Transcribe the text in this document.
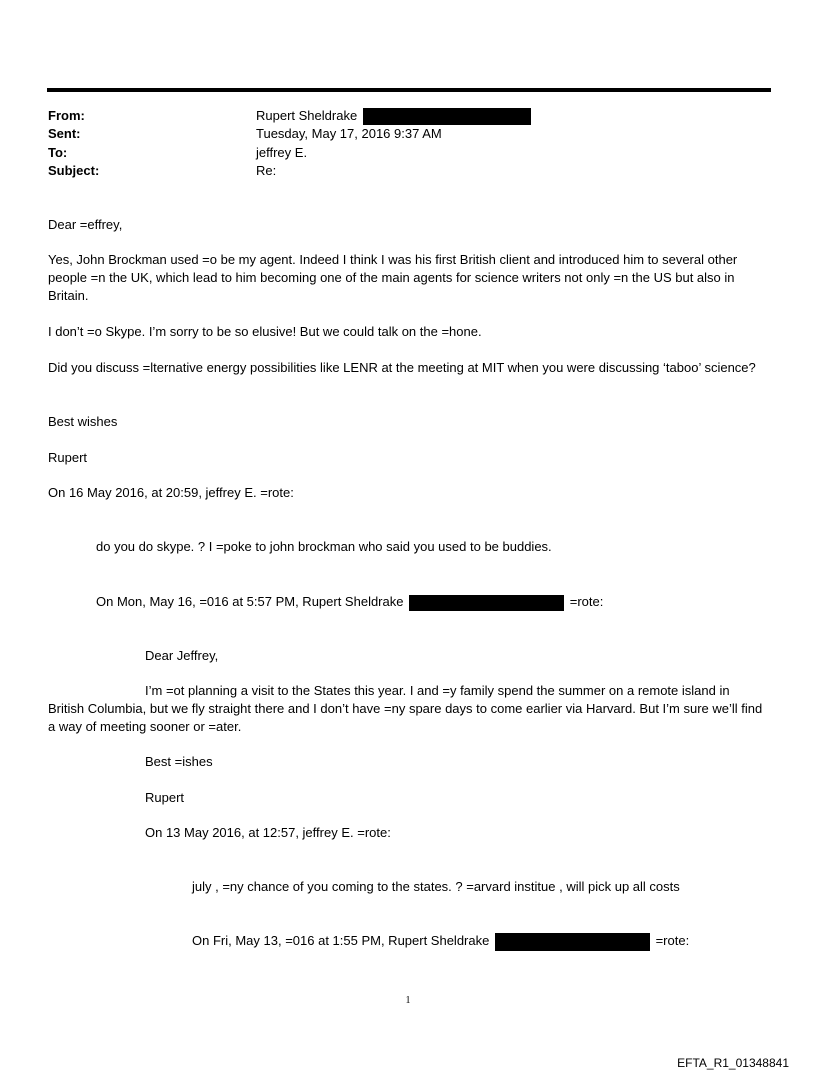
From:	Rupert Sheldrake
Sent:	Tuesday, May 17, 2016 9:37 AM
To:	jeffrey E.
Subject:	Re:
Dear =effrey,
Yes, John Brockman used =o be my agent. Indeed I think I was his first British client and introduced him to several other people =n the UK, which lead to him becoming one of the main agents for science writers not only =n the US but also in Britain.
I don’t =o Skype. I’m sorry to be so elusive! But we could talk on the =hone.
Did you discuss =lternative energy possibilities like LENR at the meeting at MIT when you were discussing ‘taboo’ science?
Best wishes
Rupert
On 16 May 2016, at 20:59, jeffrey E. =rote:
do you do skype. ? I =poke to john brockman who said you used to be buddies.
On Mon, May 16, =016 at 5:57 PM, Rupert Sheldrake	=rote:
Dear Jeffrey,
I’m =ot planning a visit to the States this year. I and =y family spend the summer on a remote island in
British Columbia, but we fly straight there and I don’t have =ny spare days to come earlier via Harvard. But I’m sure we’ll find a way of meeting sooner or =ater.
Best =ishes
Rupert
On 13 May 2016, at 12:57, jeffrey E. =rote:
july , =ny chance of you coming to the states. ? =arvard institue , will pick up all costs
On Fri, May 13, =016 at 1:55 PM, Rupert Sheldrake	=rote:
1
EFTA_R1_01348841
